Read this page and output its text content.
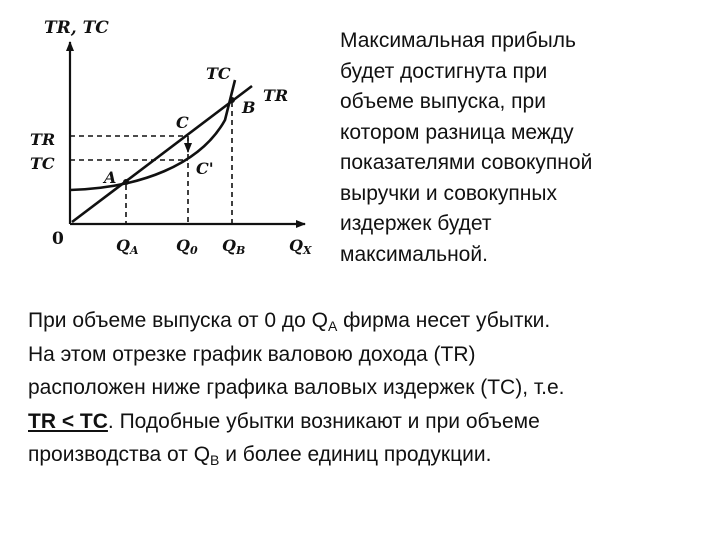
TR, TC
TC
TR
B
C
C'
A
TR
TC
0	QA Q0 QB	QX

Максимальная прибыль
будет достигнута при
объеме выпуска, при
котором разница между
показателями совокупной
выручки и совокупных
издержек будет
максимальной.

При объеме выпуска от 0 до $Q_A$ фирма несет убытки.
На этом отрезке график валовою дохода (TR)
расположен ниже графика валовых издержек (TC), т.е.
TR < TC. Подобные убытки возникают и при объеме
производства от $Q_B$ и более единиц продукции.
